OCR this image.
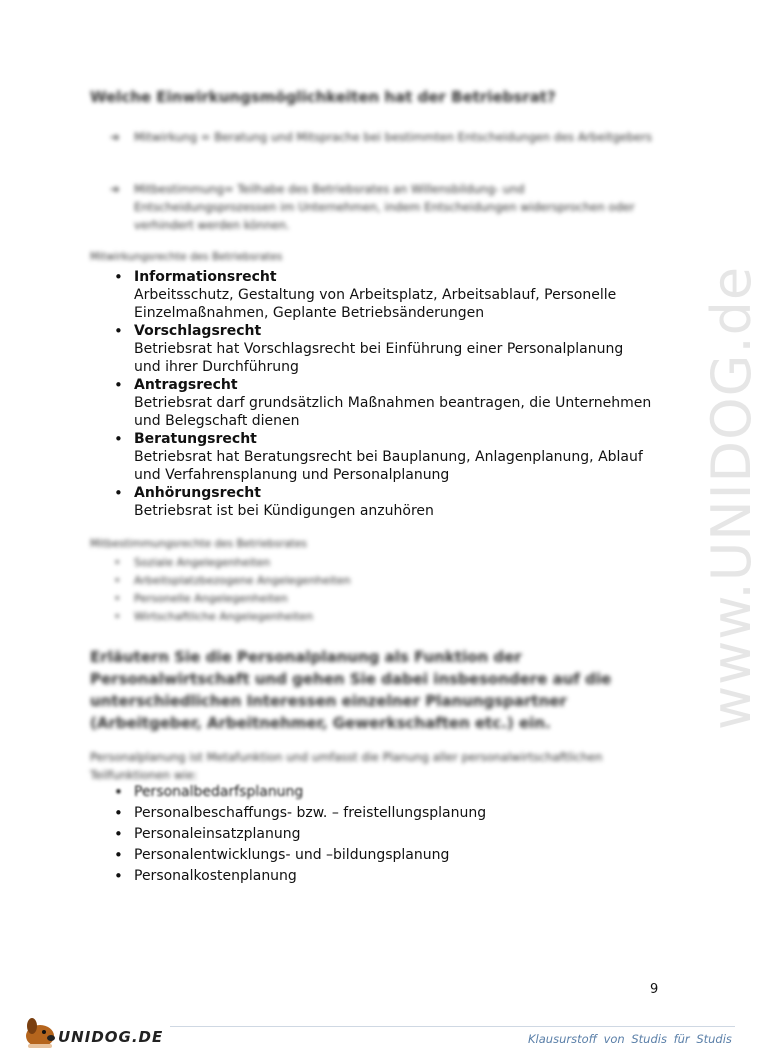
www.UNIDOG.de
Welche Einwirkungsmöglichkeiten hat der Betriebsrat?
➔ Mitwirkung = Beratung und Mitsprache bei bestimmten Entscheidungen des Arbeitgebers
➔ Mitbestimmung= Teilhabe des Betriebsrates an Willensbildung- und Entscheidungsprozessen im Unternehmen, indem Entscheidungen widersprochen oder verhindert werden können.
Mitwirkungsrechte des Betriebsrates
• Informationsrecht
Arbeitsschutz, Gestaltung von Arbeitsplatz, Arbeitsablauf, Personelle Einzelmaßnahmen, Geplante Betriebsänderungen
• Vorschlagsrecht
Betriebsrat hat Vorschlagsrecht bei Einführung einer Personalplanung und ihrer Durchführung
• Antragsrecht
Betriebsrat darf grundsätzlich Maßnahmen beantragen, die Unternehmen und Belegschaft dienen
• Beratungsrecht
Betriebsrat hat Beratungsrecht bei Bauplanung, Anlagenplanung, Ablauf und Verfahrensplanung und Personalplanung
• Anhörungsrecht
Betriebsrat ist bei Kündigungen anzuhören
Mitbestimmungsrechte des Betriebsrates
• Soziale Angelegenheiten
• Arbeitsplatzbezogene Angelegenheiten
• Personelle Angelegenheiten
• Wirtschaftliche Angelegenheiten
Erläutern Sie die Personalplanung als Funktion der Personalwirtschaft und gehen Sie dabei insbesondere auf die unterschiedlichen Interessen einzelner Planungspartner (Arbeitgeber, Arbeitnehmer, Gewerkschaften etc.) ein.
Personalplanung ist Metafunktion und umfasst die Planung aller personalwirtschaftlichen Teilfunktionen wie:
• Personalbedarfsplanung
• Personalbeschaffungs- bzw. – freistellungsplanung
• Personaleinsatzplanung
• Personalentwicklungs- und –bildungsplanung
• Personalkostenplanung
9
UNIDOG.DE	Klausurstoff von Studis für Studis
